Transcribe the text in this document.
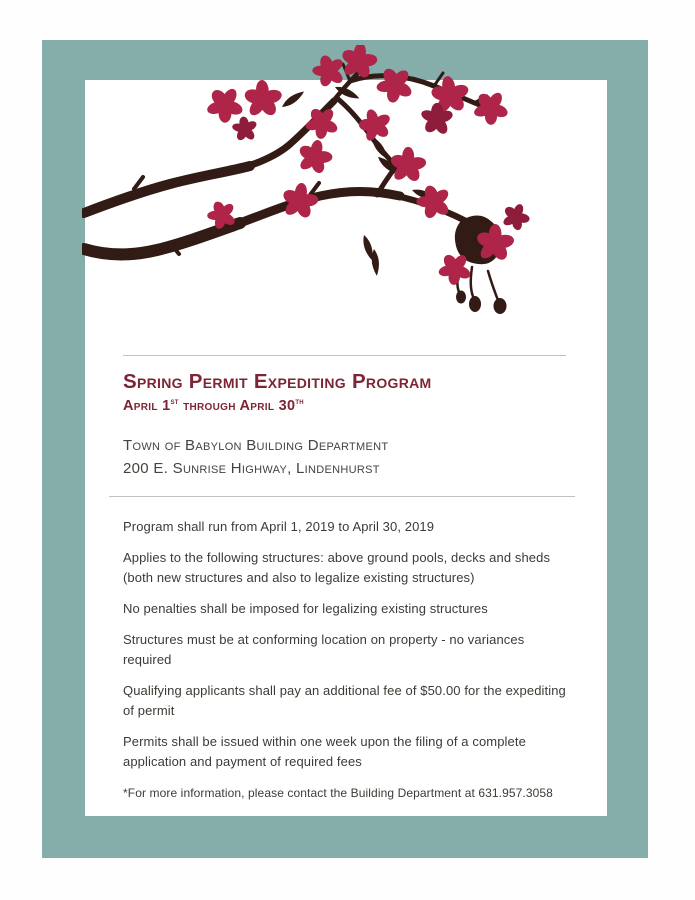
Spring Permit Expediting Program
April 1st through April 30th
Town of Babylon Building Department
200 E. Sunrise Highway, Lindenhurst

Program shall run from April 1, 2019 to April 30, 2019

Applies to the following structures: above ground pools, decks and sheds (both new structures and also to legalize existing structures)

No penalties shall be imposed for legalizing existing structures

Structures must be at conforming location on property - no variances required

Qualifying applicants shall pay an additional fee of $50.00 for the expediting of permit

Permits shall be issued within one week upon the filing of a complete application and payment of required fees

*For more information, please contact the Building Department at 631.957.3058
